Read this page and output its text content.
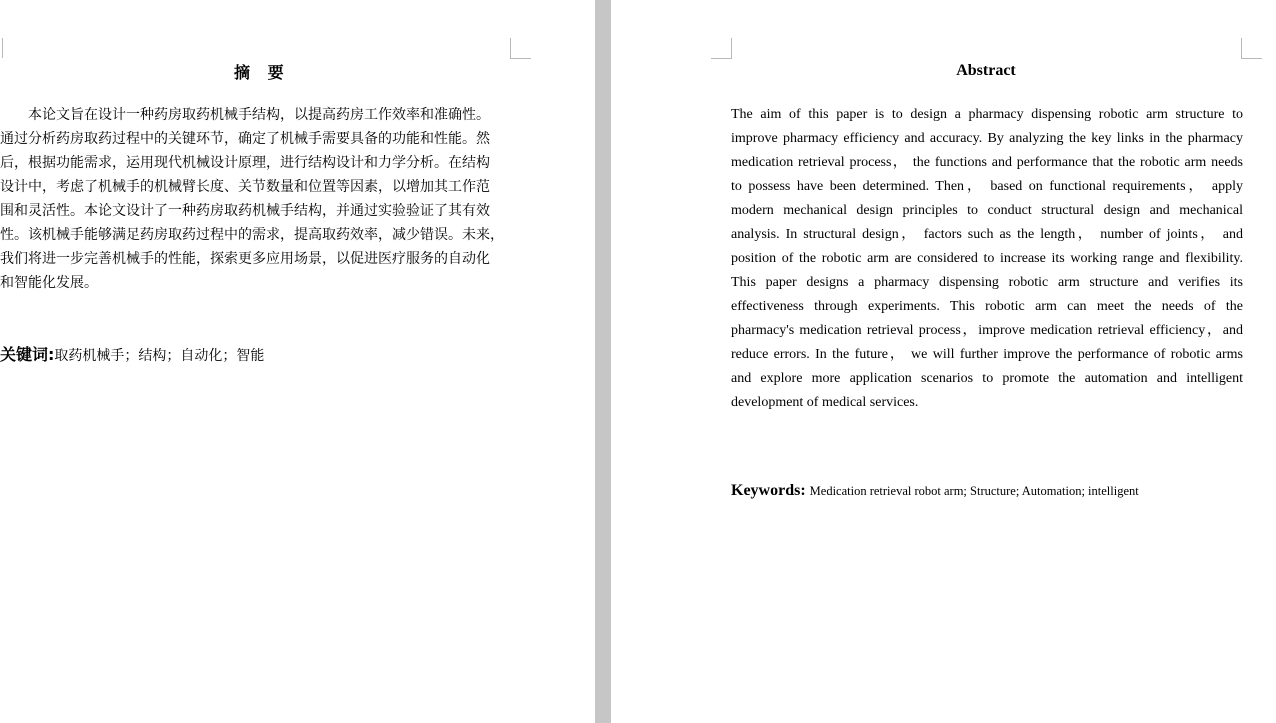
摘 要
本论文旨在设计一种药房取药机械手结构，以提高药房工作效率和准确性。
通过分析药房取药过程中的关键环节，确定了机械手需要具备的功能和性能。然
后，根据功能需求，运用现代机械设计原理，进行结构设计和力学分析。在结构
设计中，考虑了机械手的机械臂长度、关节数量和位置等因素，以增加其工作范
围和灵活性。本论文设计了一种药房取药机械手结构，并通过实验验证了其有效
性。该机械手能够满足药房取药过程中的需求，提高取药效率，减少错误。未来，
我们将进一步完善机械手的性能，探索更多应用场景，以促进医疗服务的自动化
和智能化发展。
关键词:取药机械手；结构；自动化；智能
Abstract
The aim of this paper is to design a pharmacy dispensing robotic arm structure to
improve pharmacy efficiency and accuracy. By analyzing the key links in the pharmacy
medication retrieval process， the functions and performance that the robotic arm needs
to possess have been determined. Then， based on functional requirements， apply
modern mechanical design principles to conduct structural design and mechanical
analysis. In structural design， factors such as the length， number of joints， and
position of the robotic arm are considered to increase its working range and flexibility.
This paper designs a pharmacy dispensing robotic arm structure and verifies its
effectiveness through experiments. This robotic arm can meet the needs of the
pharmacy's medication retrieval process，improve medication retrieval efficiency，and
reduce errors. In the future， we will further improve the performance of robotic arms
and explore more application scenarios to promote the automation and intelligent
development of medical services.
Keywords: Medication retrieval robot arm; Structure; Automation; intelligent
